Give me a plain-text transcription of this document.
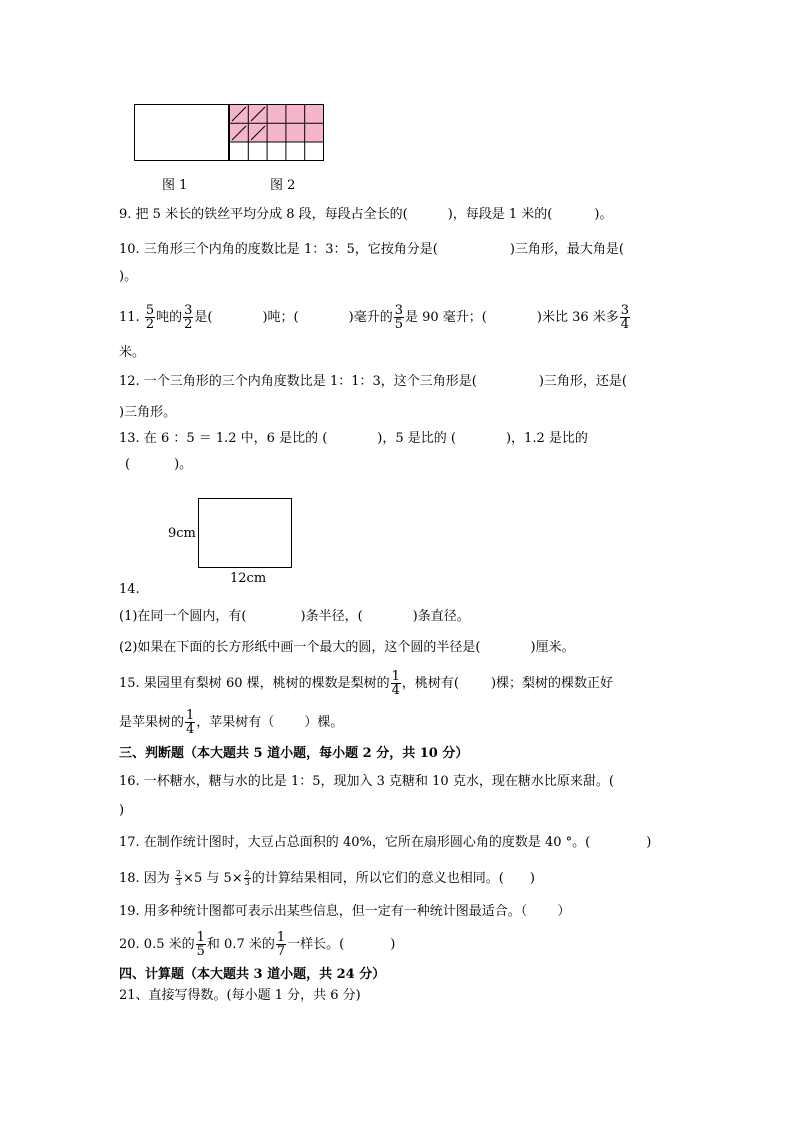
图 1	图 2
9. 把 5 米长的铁丝平均分成 8 段，每段占全长的(	)，每段是 1 米的(	)。
10. 三角形三个内角的度数比是 1：3：5，它按角分是(	)三角形，最大角是(
)。
11. $\frac{5}{2}$ 吨的 $\frac{3}{2}$ 是(	)吨；(	)毫升的 $\frac{3}{5}$ 是 90 毫升；(	)米比 36 米多 $\frac{3}{4}$
米。
12. 一个三角形的三个内角度数比是 1：1：3，这个三角形是(	)三角形，还是(
)三角形。
13. 在 6 ：5 ＝ 1.2 中，6 是比的 (	)，5 是比的 (	)，1.2 是比的
(	)。
9cm
12cm
14.
(1)在同一个圆内，有(	)条半径，(	)条直径。
(2)如果在下面的长方形纸中画一个最大的圆，这个圆的半径是(	)厘米。
15. 果园里有梨树 60 棵，桃树的棵数是梨树的 $\frac{1}{4}$ ，桃树有( )棵；梨树的棵数正好
是苹果树的 $\frac{1}{4}$ ，苹果树有（ ）棵。
三、判断题（本大题共 5 道小题，每小题 2 分，共 10 分）
16. 一杯糖水，糖与水的比是 1：5，现加入 3 克糖和 10 克水，现在糖水比原来甜。(
)
17. 在制作统计图时，大豆占总面积的 40%，它所在扇形圆心角的度数是 40 °。(	)
18. 因为 $\frac{2}{3} \times 5$ 与 $5\times \frac{2}{3}$ 的计算结果相同，所以它们的意义也相同。( )
19. 用多种统计图都可表示出某些信息，但一定有一种统计图最适合。（ ）
20. 0.5 米的 $\frac{1}{5}$ 和 0.7 米的 $\frac{1}{7}$ 一样长。(	)
四、计算题（本大题共 3 道小题，共 24 分）
21、直接写得数。(每小题 1 分，共 6 分)
